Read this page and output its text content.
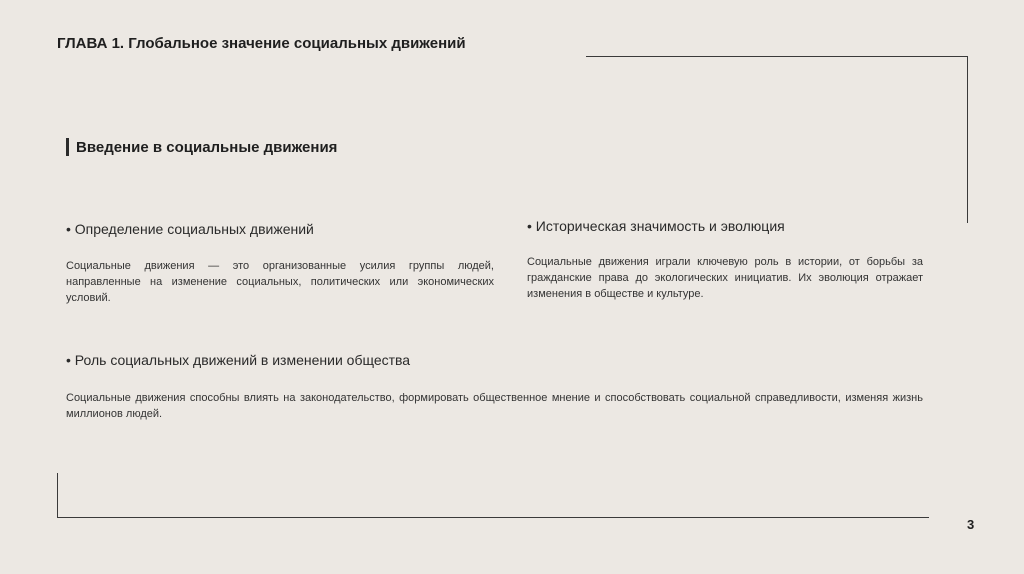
ГЛАВА 1. Глобальное значение социальных движений
Введение в социальные движения
• Определение социальных движений
Социальные движения — это организованные усилия группы людей, направленные на изменение социальных, политических или экономических условий.
• Историческая значимость и эволюция
Социальные движения играли ключевую роль в истории, от борьбы за гражданские права до экологических инициатив. Их эволюция отражает изменения в обществе и культуре.
• Роль социальных движений в изменении общества
Социальные движения способны влиять на законодательство, формировать общественное мнение и способствовать социальной справедливости, изменяя жизнь миллионов людей.
3
